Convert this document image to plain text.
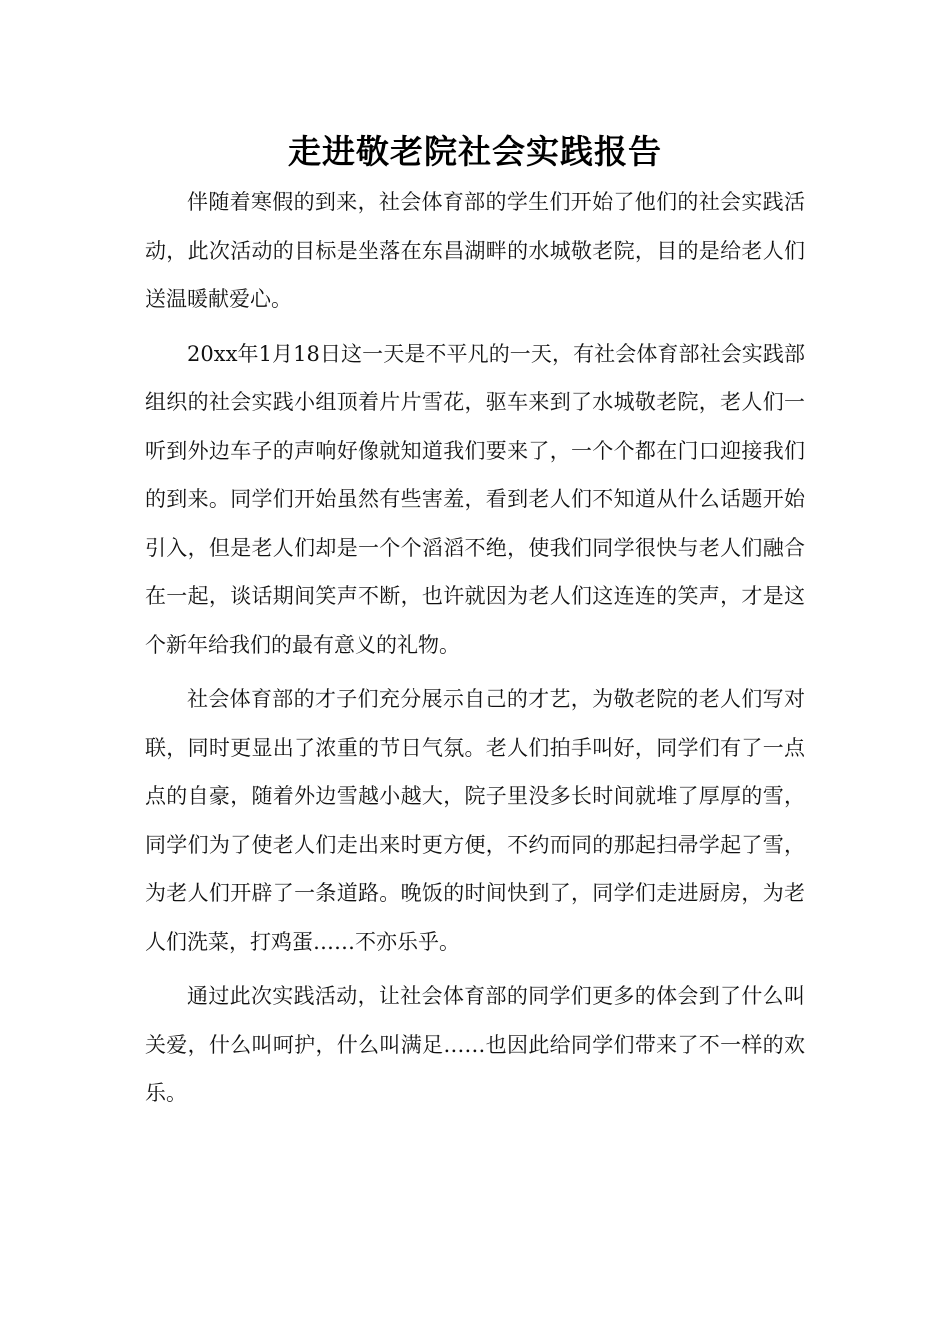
走进敬老院社会实践报告

伴随着寒假的到来，社会体育部的学生们开始了他们的社会实践活动，此次活动的目标是坐落在东昌湖畔的水城敬老院，目的是给老人们送温暖献爱心。

20xx年1月18日这一天是不平凡的一天，有社会体育部社会实践部组织的社会实践小组顶着片片雪花，驱车来到了水城敬老院，老人们一听到外边车子的声响好像就知道我们要来了，一个个都在门口迎接我们的到来。同学们开始虽然有些害羞，看到老人们不知道从什么话题开始引入，但是老人们却是一个个滔滔不绝，使我们同学很快与老人们融合在一起，谈话期间笑声不断，也许就因为老人们这连连的笑声，才是这个新年给我们的最有意义的礼物。

社会体育部的才子们充分展示自己的才艺，为敬老院的老人们写对联，同时更显出了浓重的节日气氛。老人们拍手叫好，同学们有了一点点的自豪，随着外边雪越小越大，院子里没多长时间就堆了厚厚的雪，同学们为了使老人们走出来时更方便，不约而同的那起扫帚学起了雪，为老人们开辟了一条道路。晚饭的时间快到了，同学们走进厨房，为老人们洗菜，打鸡蛋……不亦乐乎。

通过此次实践活动，让社会体育部的同学们更多的体会到了什么叫关爱，什么叫呵护，什么叫满足……也因此给同学们带来了不一样的欢乐。
